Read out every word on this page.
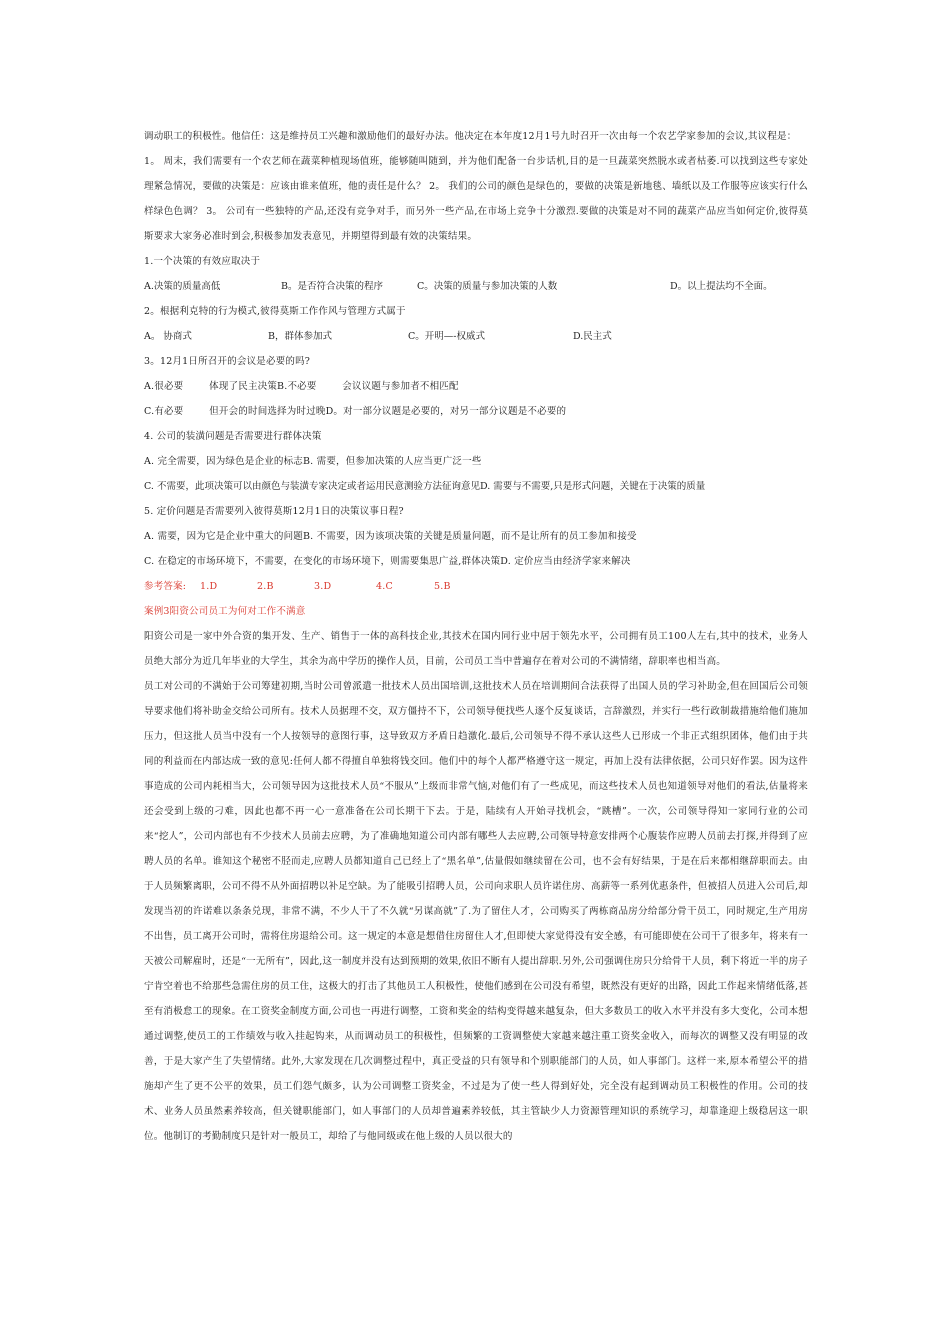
调动职工的积极性。他信任：这是维持员工兴趣和激励他们的最好办法。他决定在本年度12月1号九时召开一次由每一个农艺学家参加的会议,其议程是：

1。 周末，我们需要有一个农艺师在蔬菜种植现场值班，能够随叫随到，并为他们配备一台步话机,目的是一旦蔬菜突然脱水或者枯萎.可以找到这些专家处理紧急情况，要做的决策是：应该由谁来值班，他的责任是什么？ 2。 我们的公司的颜色是绿色的，要做的决策是新地毯、墙纸以及工作服等应该实行什么样绿色色调？ 3。 公司有一些独特的产品,还没有竞争对手，而另外一些产品,在市场上竞争十分激烈.要做的决策是对不同的蔬菜产品应当如何定价,彼得莫斯要求大家务必准时到会,积极参加发表意见，并期望得到最有效的决策结果。

1.一个决策的有效应取决于

A.决策的质量高低	B。是否符合决策的程序	C。决策的质量与参加决策的人数	D。以上提法均不全面。

2。根据利克特的行为模式,彼得莫斯工作作风与管理方式属于

A。 协商式	B，群体参加式	C。开明—-权威式	D.民主式

3。12月1日所召开的会议是必要的吗?

A.很必要        体现了民主决策B.不必要        会议议题与参加者不相匹配

C.有必要        但开会的时间选择为时过晚D。对一部分议题是必要的，对另一部分议题是不必要的

4. 公司的装潢问题是否需要进行群体决策

A. 完全需要，因为绿色是企业的标志B. 需要，但参加决策的人应当更广泛一些

C. 不需要，此项决策可以由颜色与装潢专家决定或者运用民意测验方法征询意见D. 需要与不需要,只是形式问题，关键在于决策的质量

5. 定价问题是否需要列入彼得莫斯12月1日的决策议事日程?

A. 需要，因为它是企业中重大的问题B. 不需要，因为该项决策的关键是质量问题，而不是让所有的员工参加和接受

C. 在稳定的市场环境下，不需要，在变化的市场环境下，则需要集思广益,群体决策D. 定价应当由经济学家来解决

参考答案: 1.D	2.B	3.D	4.C	5.B

案例3阳资公司员工为何对工作不满意

阳资公司是一家中外合资的集开发、生产、销售于一体的高科技企业,其技术在国内同行业中居于领先水平，公司拥有员工100人左右,其中的技术，业务人员绝大部分为近几年毕业的大学生，其余为高中学历的操作人员，目前，公司员工当中普遍存在着对公司的不满情绪，辞职率也相当高。

员工对公司的不满始于公司筹建初期,当时公司曾派遣一批技术人员出国培训,这批技术人员在培训期间合法获得了出国人员的学习补助金,但在回国后公司领导要求他们将补助金交给公司所有。技术人员据理不交，双方僵持不下，公司领导便找些人逐个反复谈话，言辞激烈，并实行一些行政制裁措施给他们施加压力，但这批人员当中没有一个人按领导的意图行事，这导致双方矛盾日趋激化.最后,公司领导不得不承认这些人已形成一个非正式组织团体，他们由于共同的利益而在内部达成一致的意见:任何人都不得擅自单独将钱交回。他们中的每个人都严格遵守这一规定，再加上没有法律依据，公司只好作罢。因为这件事造成的公司内耗相当大，公司领导因为这批技术人员“不服从”上级而非常气恼,对他们有了一些成见，而这些技术人员也知道领导对他们的看法,估量将来还会受到上级的刁难，因此也都不再一心一意准备在公司长期干下去。于是，陆续有人开始寻找机会，“跳槽”。一次，公司领导得知一家同行业的公司来“挖人”，公司内部也有不少技术人员前去应聘，为了准确地知道公司内部有哪些人去应聘,公司领导特意安排两个心腹装作应聘人员前去打探,并得到了应聘人员的名单。谁知这个秘密不胫而走,应聘人员都知道自己已经上了“黑名单”,估量假如继续留在公司，也不会有好结果，于是在后来都相继辞职而去。由于人员频繁离职，公司不得不从外面招聘以补足空缺。为了能吸引招聘人员，公司向求职人员许诺住房、高薪等一系列优惠条件，但被招人员进入公司后,却发现当初的许诺难以条条兑现，非常不满，不少人干了不久就“另谋高就”了.为了留住人才，公司购买了两栋商品房分给部分骨干员工，同时规定,生产用房不出售，员工离开公司时，需将住房退给公司。这一规定的本意是想借住房留住人才,但即使大家觉得没有安全感，有可能即使在公司干了很多年，将来有一天被公司解雇时，还是“一无所有”，因此,这一制度并没有达到预期的效果,依旧不断有人提出辞职.另外,公司强调住房只分给骨干人员，剩下将近一半的房子宁肯空着也不给那些急需住房的员工住，这极大的打击了其他员工人积极性，使他们感到在公司没有希望，既然没有更好的出路，因此工作起来情绪低落,甚至有消极怠工的现象。在工资奖金制度方面,公司也一再进行调整，工资和奖金的结构变得越来越复杂，但大多数员工的收入水平并没有多大变化，公司本想通过调整,使员工的工作绩效与收入挂起钩来，从而调动员工的积极性，但频繁的工资调整使大家越来越注重工资奖金收入，而每次的调整又没有明显的改善，于是大家产生了失望情绪。此外,大家发现在几次调整过程中，真正受益的只有领导和个别职能部门的人员，如人事部门。这样一来,原本希望公平的措施却产生了更不公平的效果，员工们怨气颇多，认为公司调整工资奖金，不过是为了使一些人得到好处，完全没有起到调动员工积极性的作用。公司的技术、业务人员虽然素养较高，但关键职能部门，如人事部门的人员却普遍素养较低，其主管缺少人力资源管理知识的系统学习，却靠逢迎上级稳居这一职位。他制订的考勤制度只是针对一般员工，却给了与他同级或在他上级的人员以很大的
